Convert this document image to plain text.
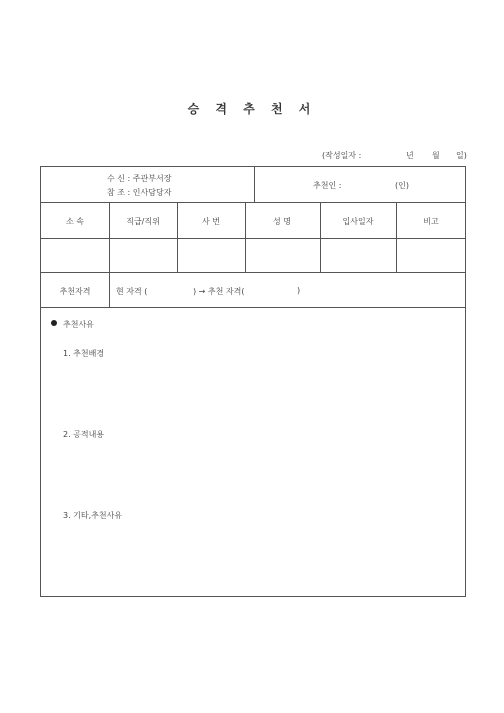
승 격 추 천 서
(작성일자 :	년 월 일)
수 신 : 주관부서장
참 조 : 인사담당자
추천인 :	(인)
소 속	직급/직위	사 번	성 명	입사일자	비고
추천자격	현 자격 (	) → 추천 자격(	)
추천사유
1. 추천배경
2. 공적내용
3. 기타,추천사유
